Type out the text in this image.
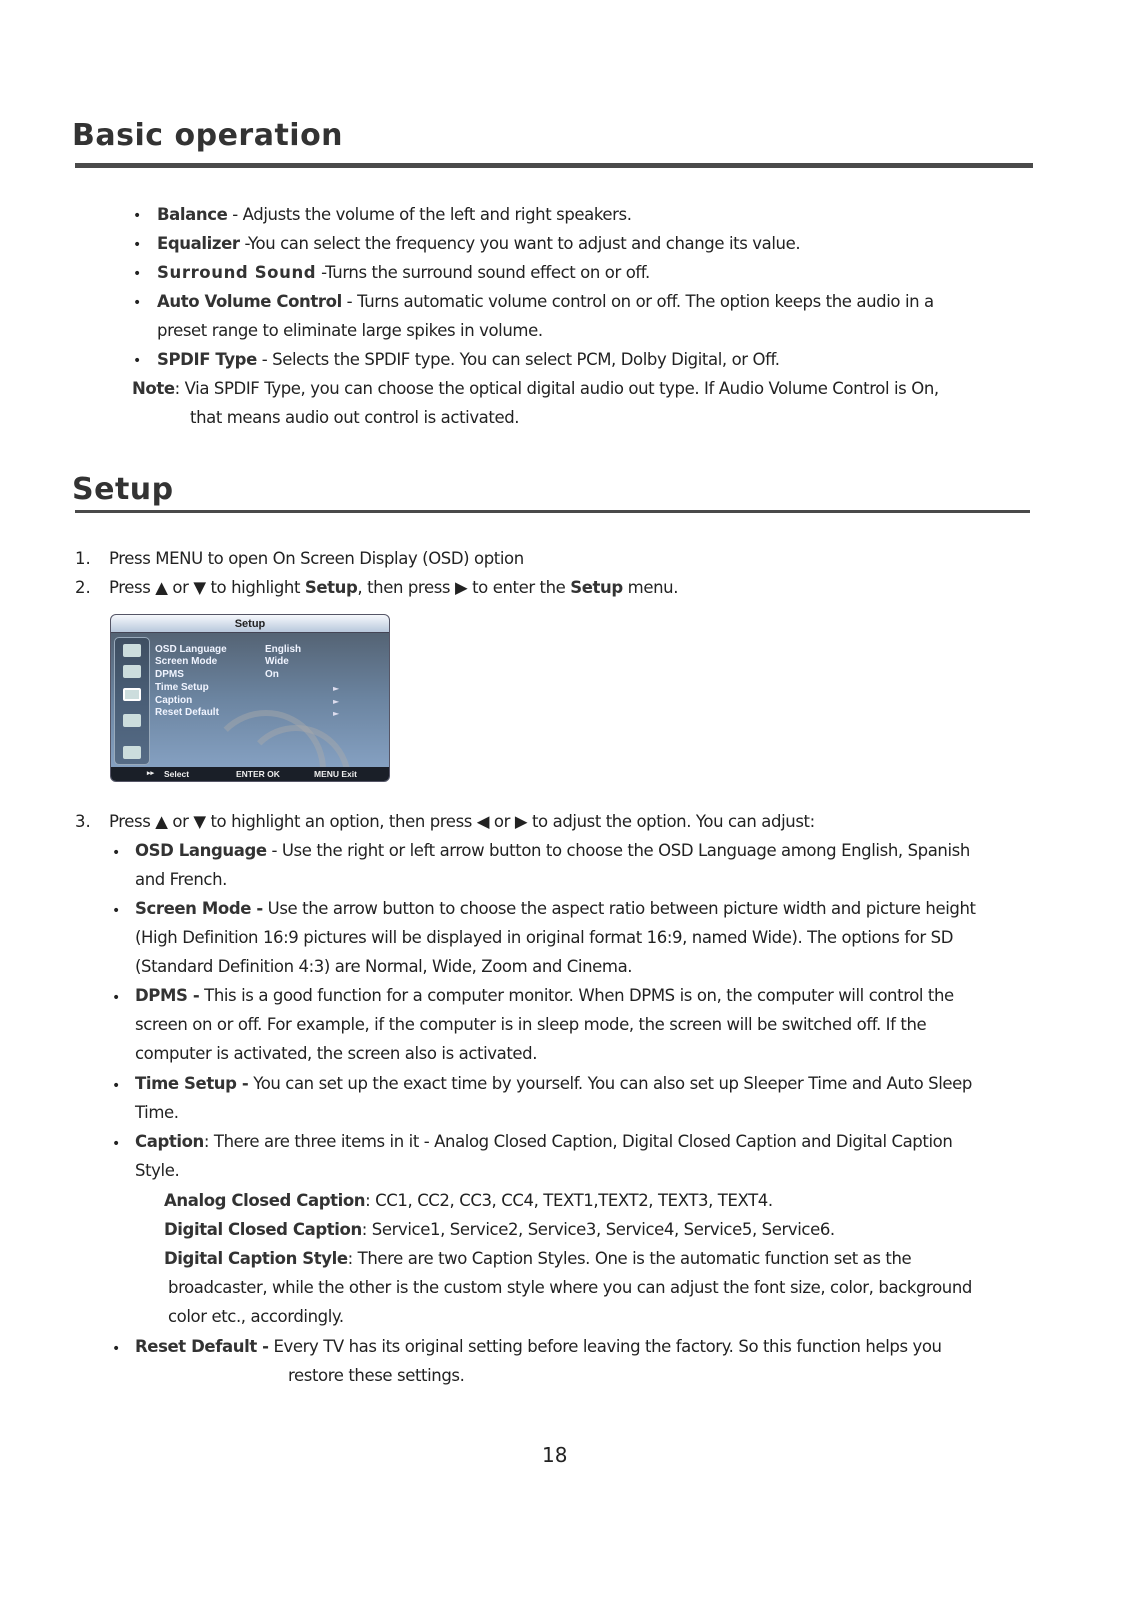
Basic operation
• Balance - Adjusts the volume of the left and right speakers.
• Equalizer -You can select the frequency you want to adjust and change its value.
• Surround Sound -Turns the surround sound effect on or off.
• Auto Volume Control - Turns automatic volume control on or off. The option keeps the audio in a
preset range to eliminate large spikes in volume.
• SPDIF Type - Selects the SPDIF type. You can select PCM, Dolby Digital, or Off.
Note: Via SPDIF Type, you can choose the optical digital audio out type. If Audio Volume Control is On,
that means audio out control is activated.
Setup
1. Press MENU to open On Screen Display (OSD) option
2. Press ▲ or ▼ to highlight Setup, then press ▶ to enter the Setup menu.
Setup
OSD Language	English
Screen Mode	Wide
DPMS	On
Time Setup	►
Caption	►
Reset Default	►
▸▸ Select	ENTER OK	MENU Exit
3. Press ▲ or ▼ to highlight an option, then press ◀ or ▶ to adjust the option. You can adjust:
• OSD Language - Use the right or left arrow button to choose the OSD Language among English, Spanish
and French.
• Screen Mode - Use the arrow button to choose the aspect ratio between picture width and picture height
(High Definition 16:9 pictures will be displayed in original format 16:9, named Wide). The options for SD
(Standard Definition 4:3) are Normal, Wide, Zoom and Cinema.
• DPMS - This is a good function for a computer monitor. When DPMS is on, the computer will control the
screen on or off. For example, if the computer is in sleep mode, the screen will be switched off. If the
computer is activated, the screen also is activated.
• Time Setup - You can set up the exact time by yourself. You can also set up Sleeper Time and Auto Sleep
Time.
• Caption: There are three items in it - Analog Closed Caption, Digital Closed Caption and Digital Caption
Style.
Analog Closed Caption: CC1, CC2, CC3, CC4, TEXT1,TEXT2, TEXT3, TEXT4.
Digital Closed Caption: Service1, Service2, Service3, Service4, Service5, Service6.
Digital Caption Style: There are two Caption Styles. One is the automatic function set as the
broadcaster, while the other is the custom style where you can adjust the font size, color, background
color etc., accordingly.
• Reset Default - Every TV has its original setting before leaving the factory. So this function helps you
restore these settings.
18
